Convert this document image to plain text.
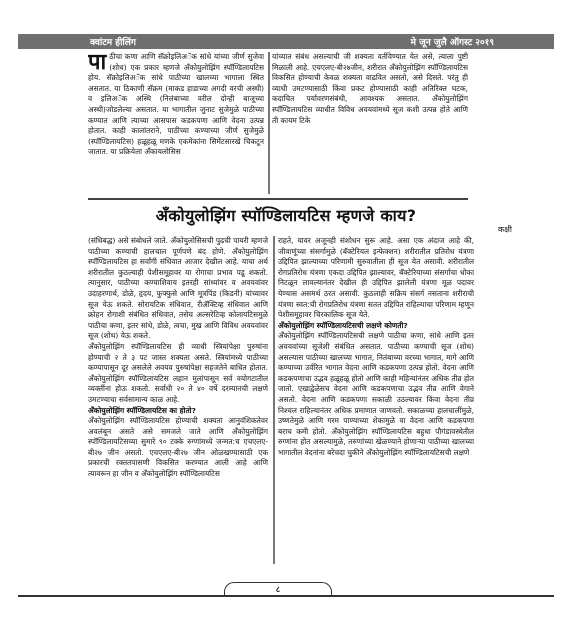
क्वांटम हीलिंग	मे जून जुलै ऑगस्ट २०१९
पा ठीचा कणा आणि सॅक्रोइलिअॅक सांधे यांच्या जीर्ण सुजेवा (शोथ) एक प्रकार म्हणजे अँकोयुलोझिंग स्पॉण्डिलायटिस होय. सॅक्रोइलिअॅक सांधे पाठीच्या खालच्या भागाला स्थित असतात. या ठिकाणी सॅक्रम (माकड हाडाच्या अगदी वरची अस्थी) व इलिअॅक अस्थि (निलंबाच्या वरील दोन्ही बाजूच्या अस्थी)जोडलेल्या असतात. या भागातील जुनाट सुजेमुळे पाठीच्या कण्यात आणि त्याच्या आसपास कडकपणा आणि वेदना उत्पन्न होतात. काही कालांतराने, पाठीच्या कण्याच्या जीर्ण सुजेमुळे (स्पॉण्डिलायटिस) हळूहळू मणके एकमेकांना सिमेंटसारखे चिकटून जातात. या प्रक्रियेला अँकायलोसिस

यांच्यात संबंध असल्याची जी शक्यता वर्तविण्यात येत असे, त्याला पुष्टी मिळाली आहे. एचएलए-बी२७जीन, शरीरात अँकोयुलोझिंग स्पॉण्डिलायटिस विकसित होण्याची केवळ शक्यता वाढवित असतो, असे दिसते. परंतु ही व्याधी उमटण्यासाठी किंवा प्रकट होण्यासाठी काही अतिरिक्त घटक, कदाचित पर्यावरणसंबंधी, आवश्यक असतात. अँकोयुलोझिंग स्पॉण्डिलायटिस व्याधीत विविध अवयवांमध्ये सूज कशी उत्पन्न होते आणि ती कायम टिके

अँकोयुलोझिंग स्पॉण्डिलायटिस म्हणजे काय?
कक्षी

(संधिबद्ध) असे संबोधले जाते. अँकोयुलोसिसची पुढची पायरी म्हणजे पाठीच्या कण्याची हालचाल पूर्णपणे बंद होणे. अँकोयुलोझिंग स्पॉण्डिलायटिस हा सर्वांगी संधिवात आजार देखील आहे. याचा अर्थ शरीरातील कुठल्याही पेशीसमूहावर या रोगाचा प्रभाव पडू शकतो. त्यानुसार, पाठीच्या कण्याशिवाय इतरही सांध्यांवर व अवयवांवर उदाहरणार्थ, डोळे, हृदय, फुफ्फुसे आणि मूत्रपिंड (किडनी) यांच्यावर सूज येऊ शकते. सोरायटिक संधिवात, रीॲक्टिव्ह संधिवात आणि क्रोहन रोगाशी संबंधित संधिवात, तसेच अल्सरेटिव्ह कोलायटिसमुळे पाठीचा कणा, इतर सांधे, डोळे, त्वचा, मुख आणि विविध अवयवांवर सूज (शोथ) येऊ शकते.

अँकोयुलोझिंग स्पॉण्डिलायटिस ही व्याधी स्त्रियांपेक्षा पुरुषांना होण्याची २ ते ३ पट जास्त शक्यता असते. स्त्रियांमध्ये पाठीच्या कण्यापासून दूर असलेले अवयव पुरुषांपेक्षा सहजतेने बाधित होतात. अँकोयुलोझिंग स्पॉण्डिलायटिस लहान मुलांपासून सर्व वयोगटातील व्यक्तींना होऊ शकतो. सर्वाधी २० ते ४० वर्षे दरम्यानची लक्षणे उमटण्याचा सर्वसामान्य काळ आहे.

अँकोयुलोझिंग स्पॉण्डिलायटिस का होतो?

अँकोयुलोझिंग स्पॉण्डिलायटिस होण्याची शक्यता आनुवंशिकतेवर अवलंबून असते असे समजले जाते आणि अँकोयुलोझिंग स्पॉण्डिलायटिसच्या सुमारे ९० टक्के रुग्णांमध्ये जन्मत:च एचएलए-बी२७ जीन असतो. एचएलए-बी२७ जीन ओळखण्यासाठी एक प्रकारची रक्ततपासणी विकसित करण्यात आली आहे आणि त्यावरून हा जीन व अँकोयुलोझिंग स्पॉण्डिलायटिस

राहते, यावर अजूनही संशोधन सुरू आहे. असा एक अंदाज आहे की, जीवाणूंच्या संसर्गामुळे (बॅक्टेरियल इन्फेक्शन) शरीरातील प्रतिरोध यंत्रणा उद्दिपित झाल्याच्या परिणामी सुरुवातीला ही सूज येत असावी. शरीरातील रोगप्रतिरोध यंत्रणा एकदा उद्दिपित झाल्यावर, बॅक्टेरियाच्या संसर्गाचा धोका निटळून लावल्यानंतर देखील ही उद्दिपित झालेली यंत्रणा मूळ पदावर येण्यास असमर्थ ठरत असावी. कुठलाही सक्रिय संसर्ग नसताना शरीराची यंत्रणा स्वत:ची रोगप्रतिरोध यंत्रणा सतत उद्दिपित राहिल्याचा परिणाम म्हणून पेशीसमूहावर चिरकालिक सूज येते.

अँकोयुलोझिंग स्पॉण्डिलायटिसची लक्षणे कोणती?

अँकोयुलोझिंग स्पॉण्डिलायटिसची लक्षणे पाठीचा कणा, सांधे आणि इतर अवयवांच्या सूजेशी संबंधित असतात. पाठीच्या कण्याची सूज (शोथ) असल्यास पाठीच्या खालच्या भागात, नितंबाच्या वरच्या भागात, मागे आणि कण्याच्या उर्वरित भागात वेदना आणि कडकपणा उत्पन्न होतो. वेदना आणि कडकपणाचा उद्भव हळूहळू होतो आणि काही महिन्यांनंतर अधिक तीव्र होत जातो. एखाद्वेळेसच वेदना आणि कडकपणाचा उद्भव तीव्र आणि वेगाने असतो. वेदना आणि कडकपणा सकाळी उठल्यावर किंवा वेदना तीव्र निश्चल राहिल्यानंतर अधिक प्रमाणात जाणवतो. सकाळच्या हालचालींमुळे, उष्णतेमुळे आणि गरम पाण्याच्या शेकामुळे या वेदना आणि कडकपणा बराच कमी होतो. अँकोयुलोझिंग स्पॉण्डिलायटिस बहुधा पौगंडावस्थेतील रुग्णांना होत असल्यामुळे, तरुणांच्या खेळण्याने होणाऱ्या पाठीच्या खालच्या भागातील वेदनांना बरेचदा चुकीने अँकोयुलोझिंग स्पॉण्डिलायटिसची लक्षणे

८
